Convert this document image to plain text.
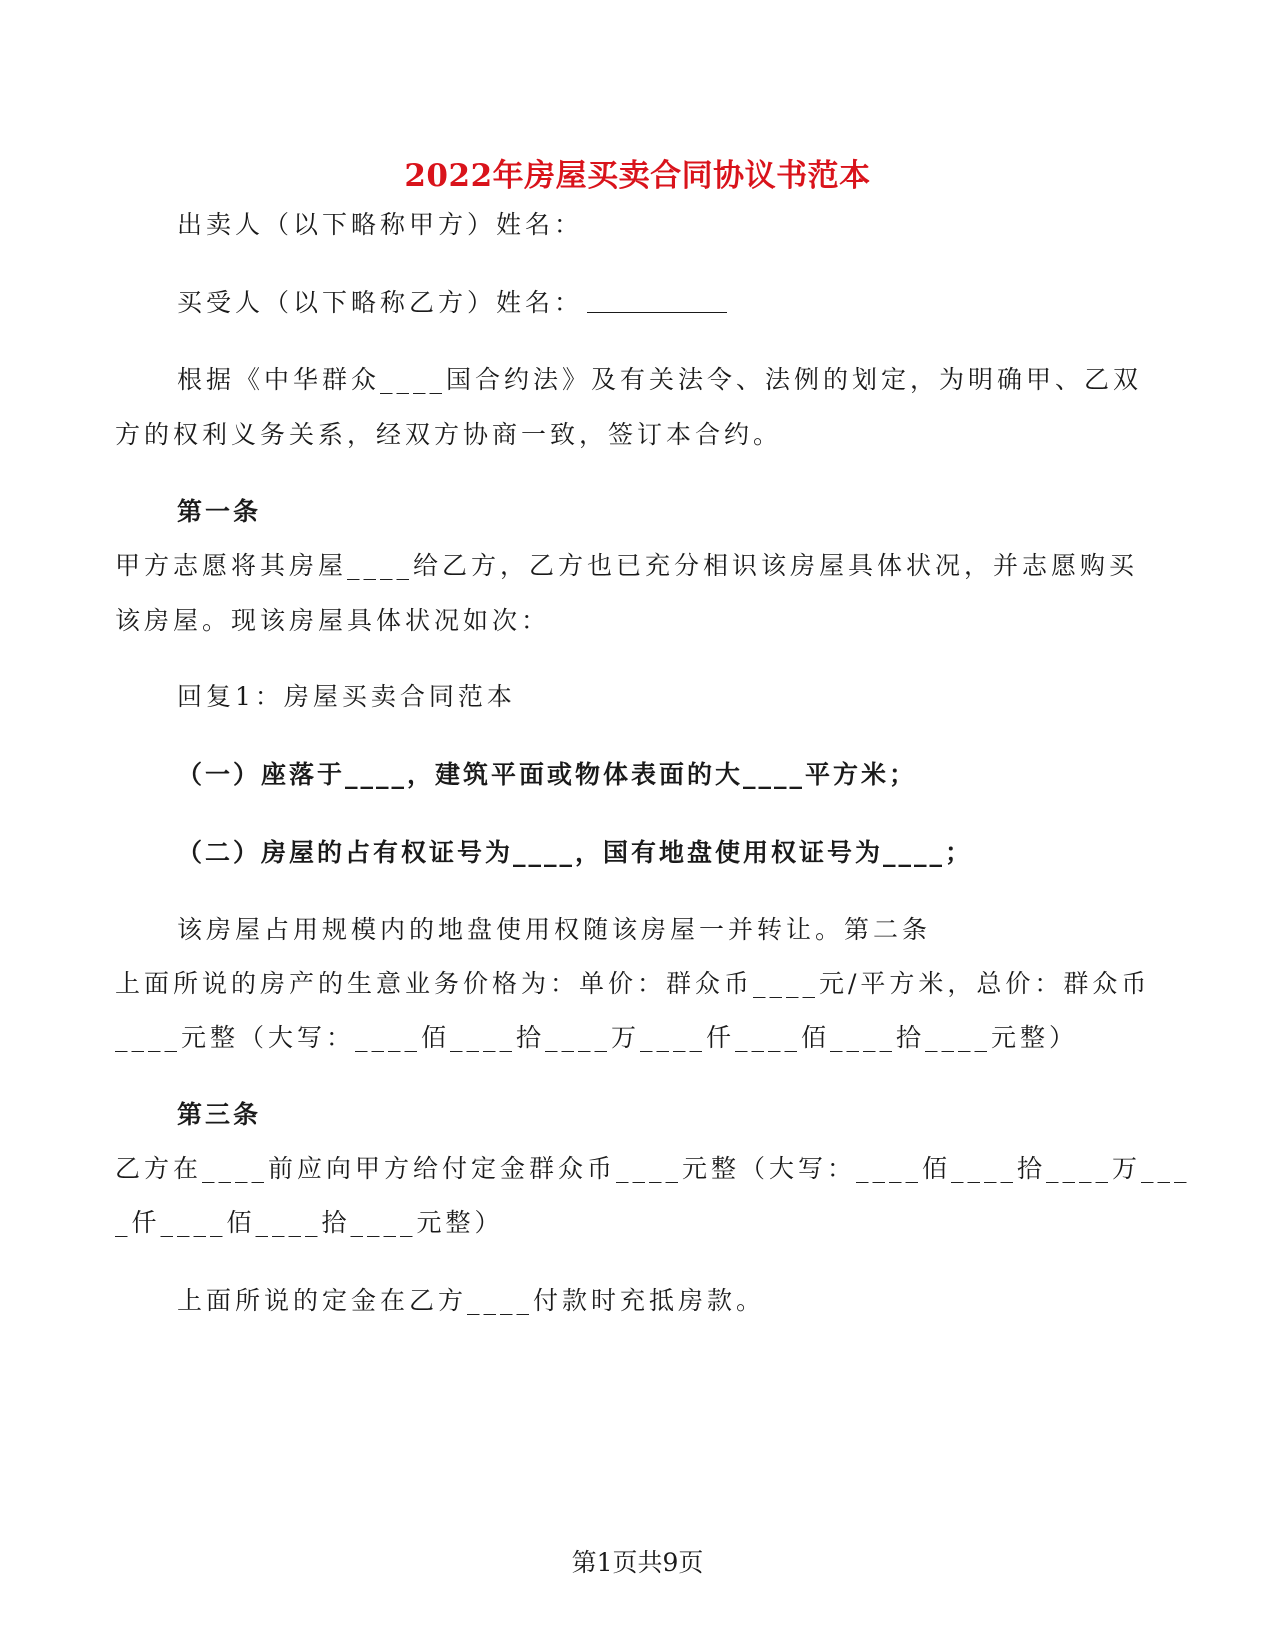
2022年房屋买卖合同协议书范本

出卖人（以下略称甲方）姓名：

买受人（以下略称乙方）姓名：

根据《中华群众____国合约法》及有关法令、法例的划定，为明确甲、乙双

方的权利义务关系，经双方协商一致，签订本合约。

第一条

甲方志愿将其房屋____给乙方，乙方也已充分相识该房屋具体状况，并志愿购买

该房屋。现该房屋具体状况如次：

回复1：房屋买卖合同范本

（一）座落于____，建筑平面或物体表面的大____平方米；

（二）房屋的占有权证号为____，国有地盘使用权证号为____；

该房屋占用规模内的地盘使用权随该房屋一并转让。第二条

上面所说的房产的生意业务价格为：单价：群众币____元/平方米，总价：群众币

____元整（大写：____佰____拾____万____仟____佰____拾____元整）

第三条

乙方在____前应向甲方给付定金群众币____元整（大写：____佰____拾____万___

_仟____佰____拾____元整）

上面所说的定金在乙方____付款时充抵房款。

第1页共9页
